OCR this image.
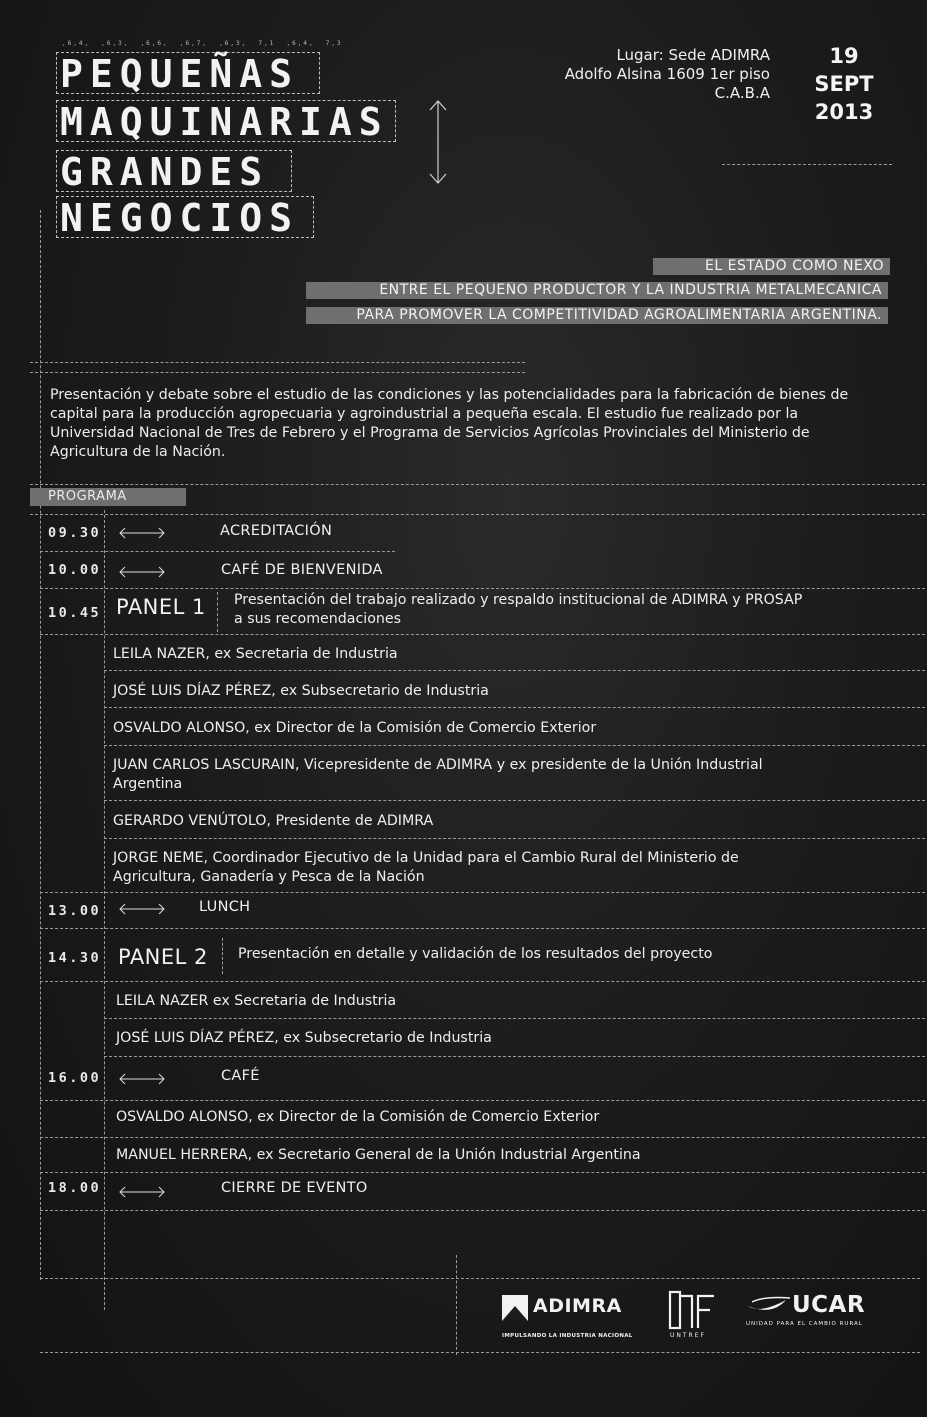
,6,4,  ,6,3,  ,6,6,  ,6,7,  ,6,3,  7,1  ,6,4,  7,3
PEQUEÑAS
MAQUINARIAS
GRANDES
NEGOCIOS
Lugar: Sede ADIMRA
Adolfo Alsina 1609 1er piso
C.A.B.A
19
SEPT
2013
EL ESTADO COMO NEXO
ENTRE EL PEQUEÑO PRODUCTOR Y LA INDUSTRIA METALMECÁNICA
PARA PROMOVER LA COMPETITIVIDAD AGROALIMENTARIA ARGENTINA.
Presentación y debate sobre el estudio de las condiciones y las potencialidades para la fabricación de bienes de capital para la producción agropecuaria y agroindustrial a pequeña escala. El estudio fue realizado por la Universidad Nacional de Tres de Febrero y el Programa de Servicios Agrícolas Provinciales del Ministerio de Agricultura de la Nación.
PROGRAMA
09.30	ACREDITACIÓN
10.00	CAFÉ DE BIENVENIDA
10.45 PANEL 1 Presentación del trabajo realizado y respaldo institucional de ADIMRA y PROSAP a sus recomendaciones
LEILA NAZER, ex Secretaria de Industria
JOSÉ LUIS DÍAZ PÉREZ, ex Subsecretario de Industria
OSVALDO ALONSO, ex Director de la Comisión de Comercio Exterior
JUAN CARLOS LASCURAIN, Vicepresidente de ADIMRA y ex presidente de la Unión Industrial Argentina
GERARDO VENÚTOLO, Presidente de ADIMRA
JORGE NEME, Coordinador Ejecutivo de la Unidad para el Cambio Rural del Ministerio de Agricultura, Ganadería y Pesca de la Nación
13.00	LUNCH
14.30 PANEL 2 Presentación en detalle y validación de los resultados del proyecto
LEILA NAZER ex Secretaria de Industria
JOSÉ LUIS DÍAZ PÉREZ, ex Subsecretario de Industria
16.00	CAFÉ
OSVALDO ALONSO, ex Director de la Comisión de Comercio Exterior
MANUEL HERRERA, ex Secretario General de la Unión Industrial Argentina
18.00	CIERRE DE EVENTO
ADIMRA
IMPULSANDO LA INDUSTRIA NACIONAL	UNTREF
UCAR
UNIDAD PARA EL CAMBIO RURAL
